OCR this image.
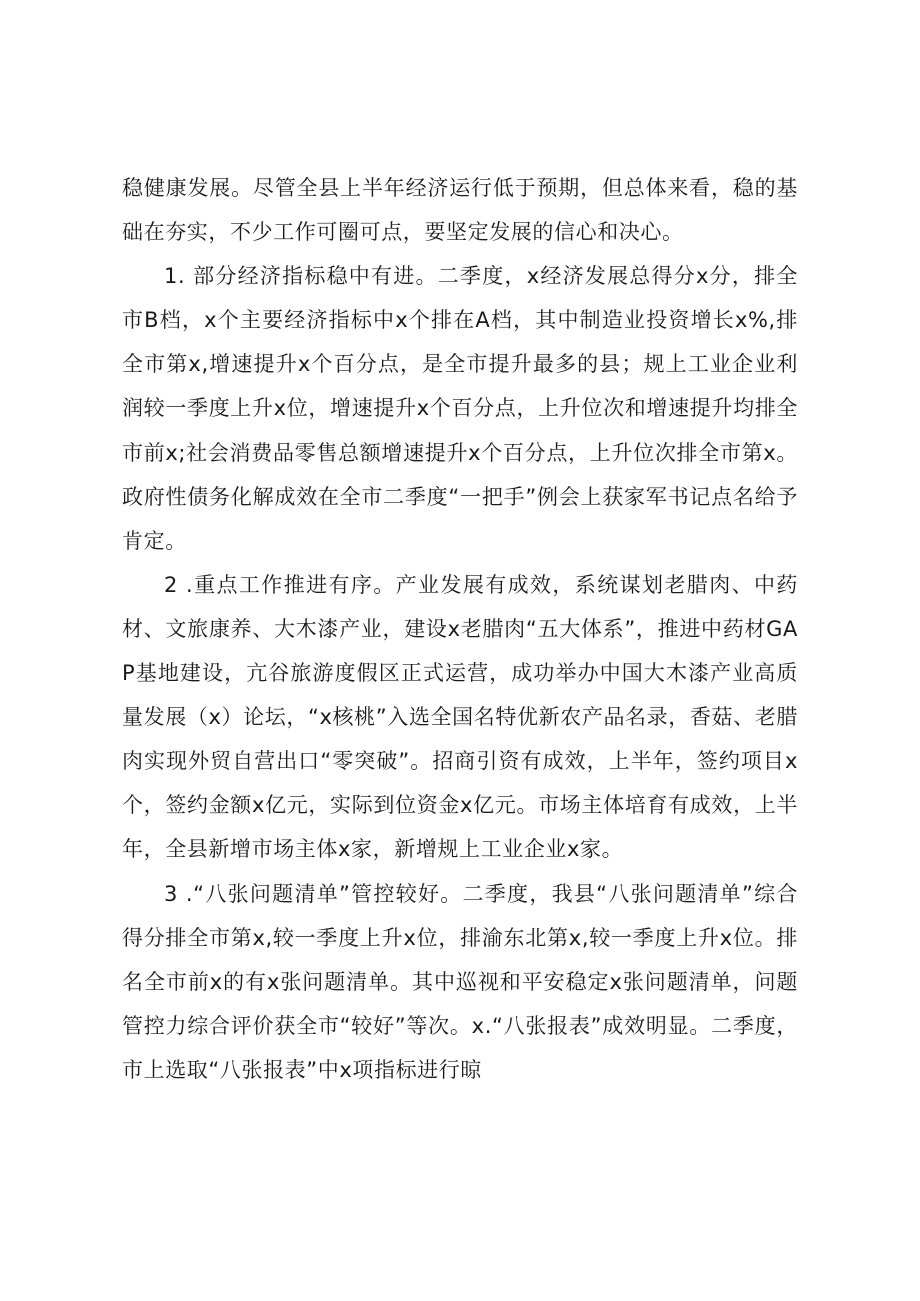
稳健康发展。尽管全县上半年经济运行低于预期，但总体来看，稳的基础在夯实，不少工作可圈可点，要坚定发展的信心和决心。

1. 部分经济指标稳中有进。二季度，x经济发展总得分x分，排全市B档，x个主要经济指标中x个排在A档，其中制造业投资增长x%,排全市第x,增速提升x个百分点，是全市提升最多的县；规上工业企业利润较一季度上升x位，增速提升x个百分点，上升位次和增速提升均排全市前x;社会消费品零售总额增速提升x个百分点，上升位次排全市第x。政府性债务化解成效在全市二季度“一把手”例会上获家军书记点名给予肯定。

2 .重点工作推进有序。产业发展有成效，系统谋划老腊肉、中药材、文旅康养、大木漆产业，建设x老腊肉“五大体系”，推进中药材GAP基地建设，亢谷旅游度假区正式运营，成功举办中国大木漆产业高质量发展（x）论坛，“x核桃”入选全国名特优新农产品名录，香菇、老腊肉实现外贸自营出口“零突破”。招商引资有成效，上半年，签约项目x个，签约金额x亿元，实际到位资金x亿元。市场主体培育有成效，上半年，全县新增市场主体x家，新增规上工业企业x家。

3 .“八张问题清单”管控较好。二季度，我县“八张问题清单”综合得分排全市第x,较一季度上升x位，排渝东北第x,较一季度上升x位。排名全市前x的有x张问题清单。其中巡视和平安稳定x张问题清单，问题管控力综合评价获全市“较好”等次。x.“八张报表”成效明显。二季度，市上选取“八张报表”中x项指标进行晾
